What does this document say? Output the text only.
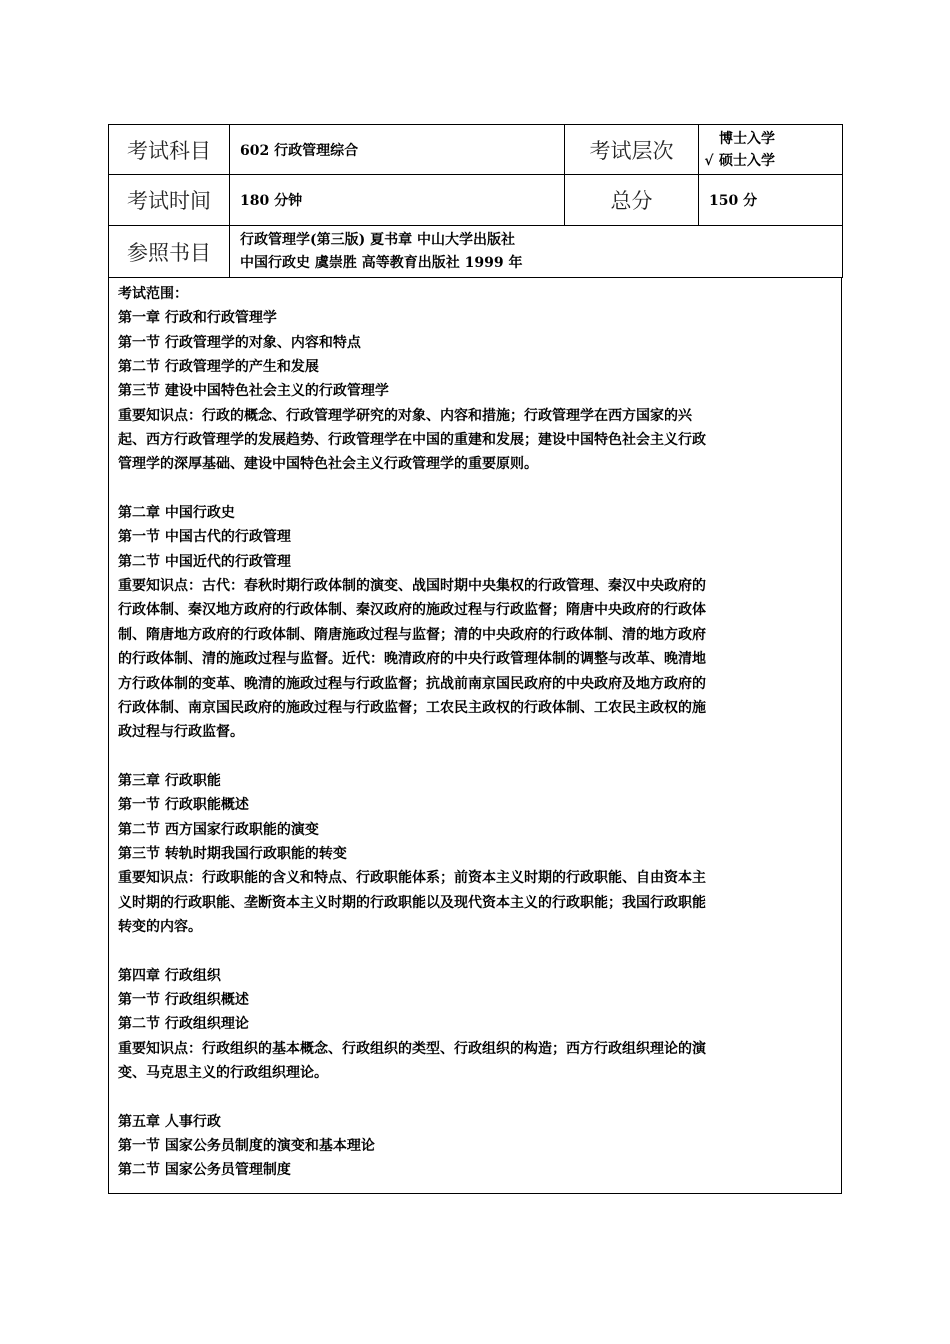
考试科目	602 行政管理综合	考试层次	博士入学
√ 硕士入学

考试时间	180 分钟	总分	150 分
参照书目	行政管理学(第三版) 夏书章 中山大学出版社
中国行政史 虞崇胜 高等教育出版社 1999 年		
考试范围：
第一章 行政和行政管理学
第一节 行政管理学的对象、内容和特点
第二节 行政管理学的产生和发展
第三节 建设中国特色社会主义的行政管理学
重要知识点：行政的概念、行政管理学研究的对象、内容和措施；行政管理学在西方国家的兴
起、西方行政管理学的发展趋势、行政管理学在中国的重建和发展；建设中国特色社会主义行政
管理学的深厚基础、建设中国特色社会主义行政管理学的重要原则。
第二章 中国行政史
第一节 中国古代的行政管理
第二节 中国近代的行政管理
重要知识点：古代：春秋时期行政体制的演变、战国时期中央集权的行政管理、秦汉中央政府的
行政体制、秦汉地方政府的行政体制、秦汉政府的施政过程与行政监督；隋唐中央政府的行政体
制、隋唐地方政府的行政体制、隋唐施政过程与监督；清的中央政府的行政体制、清的地方政府
的行政体制、清的施政过程与监督。近代：晚清政府的中央行政管理体制的调整与改革、晚清地
方行政体制的变革、晚清的施政过程与行政监督；抗战前南京国民政府的中央政府及地方政府的
行政体制、南京国民政府的施政过程与行政监督；工农民主政权的行政体制、工农民主政权的施
政过程与行政监督。
第三章 行政职能
第一节 行政职能概述
第二节 西方国家行政职能的演变
第三节 转轨时期我国行政职能的转变
重要知识点：行政职能的含义和特点、行政职能体系；前资本主义时期的行政职能、自由资本主
义时期的行政职能、垄断资本主义时期的行政职能以及现代资本主义的行政职能；我国行政职能
转变的内容。
第四章 行政组织
第一节 行政组织概述
第二节 行政组织理论
重要知识点：行政组织的基本概念、行政组织的类型、行政组织的构造；西方行政组织理论的演
变、马克思主义的行政组织理论。
第五章 人事行政
第一节 国家公务员制度的演变和基本理论
第二节 国家公务员管理制度
